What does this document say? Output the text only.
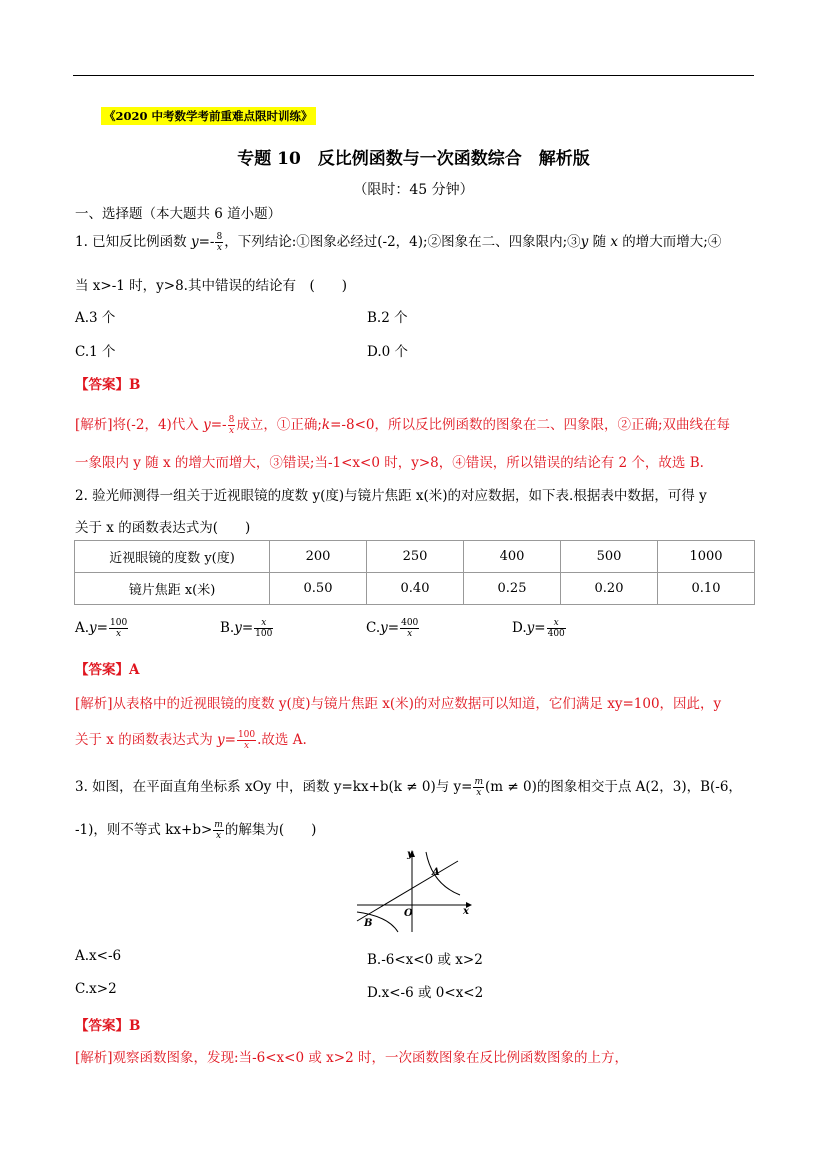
《2020 中考数学考前重难点限时训练》
专题 10　反比例函数与一次函数综合　解析版
（限时：45 分钟）
一、选择题（本大题共 6 道小题）
1. 已知反比例函数 $y=- \frac{8}{x}$ ，下列结论:①图象必经过(-2，4);②图象在二、四象限内;③y 随 x 的增大而增大;④
当 x>-1 时，y>8.其中错误的结论有　(　　)
A.3 个	B.2 个
C.1 个	D.0 个
【答案】B
[解析]将(-2，4)代入 $y=- \frac{8}{x}$ 成立，①正确;k=-8<0，所以反比例函数的图象在二、四象限，②正确;双曲线在每
一象限内 y 随 x 的增大而增大，③错误;当-1<x<0 时，y>8，④错误，所以错误的结论有 2 个，故选 B.
2. 验光师测得一组关于近视眼镜的度数 y(度)与镜片焦距 x(米)的对应数据，如下表.根据表中数据，可得 y
关于 x 的函数表达式为(　　)
近视眼镜的度数 y(度)	200	250	400	500	1000
镜片焦距 x(米)	0.50	0.40	0.25	0.20	0.10
$A.y= \frac{100}{x}$	$B.y= \frac{x}{100}$	$C.y= \frac{400}{x}$	$D.y= \frac{x}{400}$
【答案】A
[解析]从表格中的近视眼镜的度数 y(度)与镜片焦距 x(米)的对应数据可以知道，它们满足 xy=100，因此，y
关于 x 的函数表达式为 $y= \frac{100}{x}$ .故选 A.
3. 如图，在平面直角坐标系 xOy 中，函数 y=kx+b(k ≠ 0)与 $y= \frac{m}{x} (m \ne 0)$的图象相交于点 A(2，3)，B(-6，
-1)，则不等式 $kx+b> \frac{m}{x}$ 的解集为(　　)
y
x
O
A
B
A.x<-6	B.-6<x<0 或 x>2
C.x>2	D.x<-6 或 0<x<2
【答案】B
[解析]观察函数图象，发现:当-6<x<0 或 x>2 时，一次函数图象在反比例函数图象的上方，
